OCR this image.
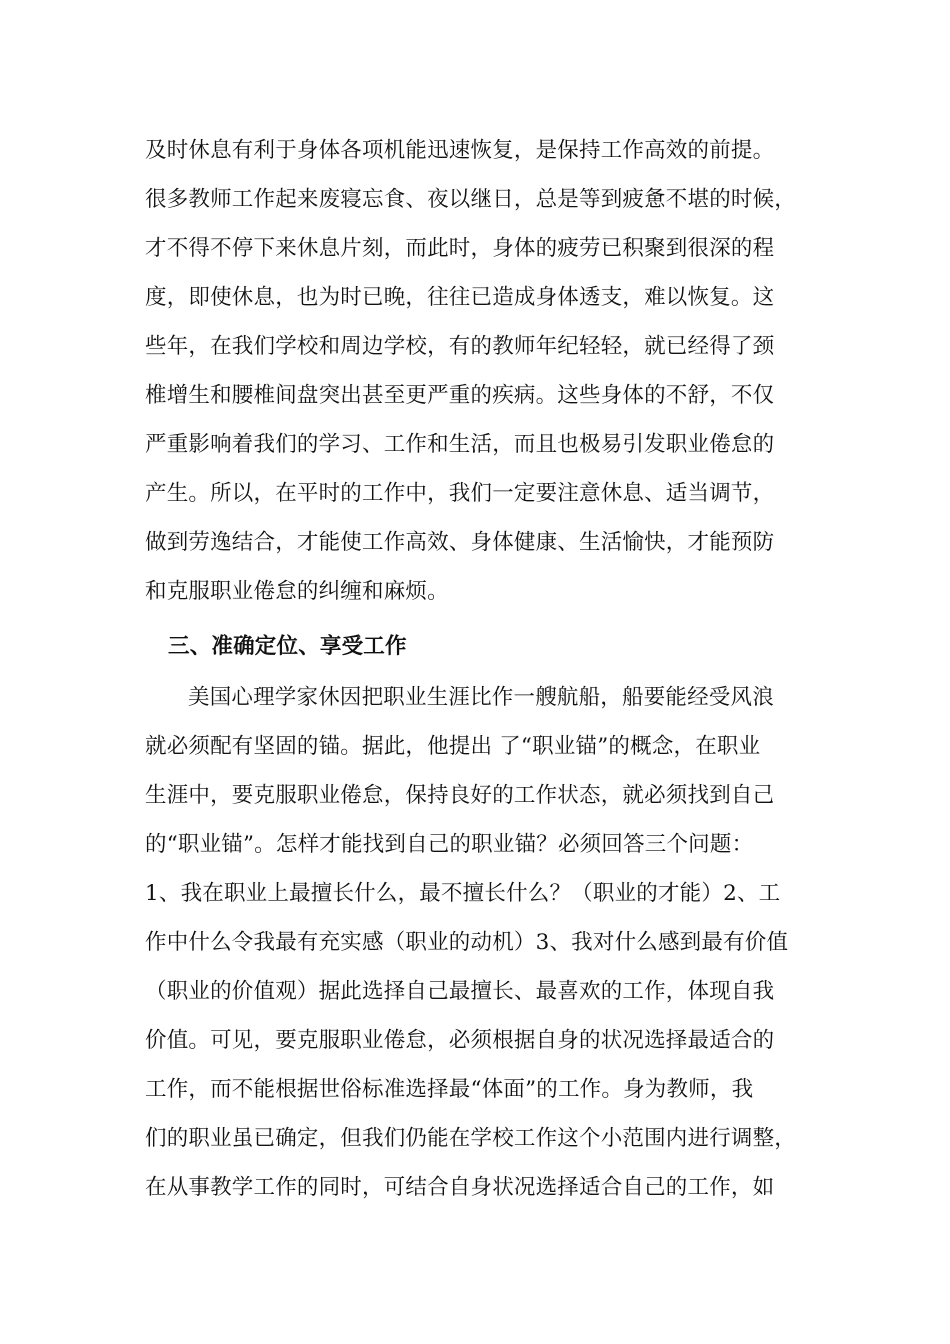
及时休息有利于身体各项机能迅速恢复，是保持工作高效的前提。
很多教师工作起来废寝忘食、夜以继日，总是等到疲惫不堪的时候，
才不得不停下来休息片刻，而此时，身体的疲劳已积聚到很深的程
度，即使休息，也为时已晚，往往已造成身体透支，难以恢复。这
些年，在我们学校和周边学校，有的教师年纪轻轻，就已经得了颈
椎增生和腰椎间盘突出甚至更严重的疾病。这些身体的不舒，不仅
严重影响着我们的学习、工作和生活，而且也极易引发职业倦怠的
产生。所以，在平时的工作中，我们一定要注意休息、适当调节，
做到劳逸结合，才能使工作高效、身体健康、生活愉快，才能预防
和克服职业倦怠的纠缠和麻烦。
三、准确定位、享受工作
美国心理学家休因把职业生涯比作一艘航船，船要能经受风浪
就必须配有坚固的锚。据此，他提出 了“职业锚”的概念，在职业
生涯中，要克服职业倦怠，保持良好的工作状态，就必须找到自己
的“职业锚”。怎样才能找到自己的职业锚？必须回答三个问题：
1、我在职业上最擅长什么，最不擅长什么？（职业的才能）2、工
作中什么令我最有充实感（职业的动机）3、我对什么感到最有价值
（职业的价值观）据此选择自己最擅长、最喜欢的工作，体现自我
价值。可见，要克服职业倦怠，必须根据自身的状况选择最适合的
工作，而不能根据世俗标准选择最“体面”的工作。身为教师，我
们的职业虽已确定，但我们仍能在学校工作这个小范围内进行调整，
在从事教学工作的同时，可结合自身状况选择适合自己的工作，如
